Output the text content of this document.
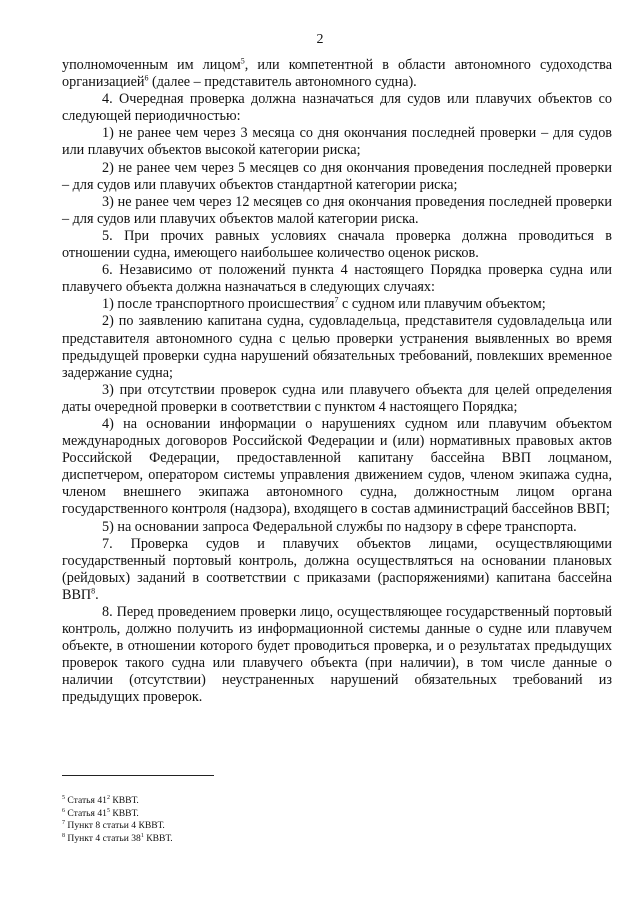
2

уполномоченным им лицом$^5$, или компетентной в области автономного судоходства организацией$^6$ (далее – представитель автономного судна).

4. Очередная проверка должна назначаться для судов или плавучих объектов со следующей периодичностью:

1) не ранее чем через 3 месяца со дня окончания последней проверки – для судов или плавучих объектов высокой категории риска;

2) не ранее чем через 5 месяцев со дня окончания проведения последней проверки – для судов или плавучих объектов стандартной категории риска;

3) не ранее чем через 12 месяцев со дня окончания проведения последней проверки – для судов или плавучих объектов малой категории риска.

5. При прочих равных условиях сначала проверка должна проводиться в отношении судна, имеющего наибольшее количество оценок рисков.

6. Независимо от положений пункта 4 настоящего Порядка проверка судна или плавучего объекта должна назначаться в следующих случаях:

1) после транспортного происшествия$^7$ с судном или плавучим объектом;

2) по заявлению капитана судна, судовладельца, представителя судовладельца или представителя автономного судна с целью проверки устранения выявленных во время предыдущей проверки судна нарушений обязательных требований, повлекших временное задержание судна;

3) при отсутствии проверок судна или плавучего объекта для целей определения даты очередной проверки в соответствии с пунктом 4 настоящего Порядка;

4) на основании информации о нарушениях судном или плавучим объектом международных договоров Российской Федерации и (или) нормативных правовых актов Российской Федерации, предоставленной капитану бассейна ВВП лоцманом, диспетчером, оператором системы управления движением судов, членом экипажа судна, членом внешнего экипажа автономного судна, должностным лицом органа государственного контроля (надзора), входящего в состав администраций бассейнов ВВП;

5) на основании запроса Федеральной службы по надзору в сфере транспорта.

7. Проверка судов и плавучих объектов лицами, осуществляющими государственный портовый контроль, должна осуществляться на основании плановых (рейдовых) заданий в соответствии с приказами (распоряжениями) капитана бассейна ВВП$^8$.

8. Перед проведением проверки лицо, осуществляющее государственный портовый контроль, должно получить из информационной системы данные о судне или плавучем объекте, в отношении которого будет проводиться проверка, и о результатах предыдущих проверок такого судна или плавучего объекта (при наличии), в том числе данные о наличии (отсутствии) неустраненных нарушений обязательных требований из предыдущих проверок.

$^5$ Статья $41^2$ КВВТ.

$^6$ Статья $41^5$ КВВТ.

$^7$ Пункт 8 статьи 4 КВВТ.

$^8$ Пункт 4 статьи $38^1$ КВВТ.
